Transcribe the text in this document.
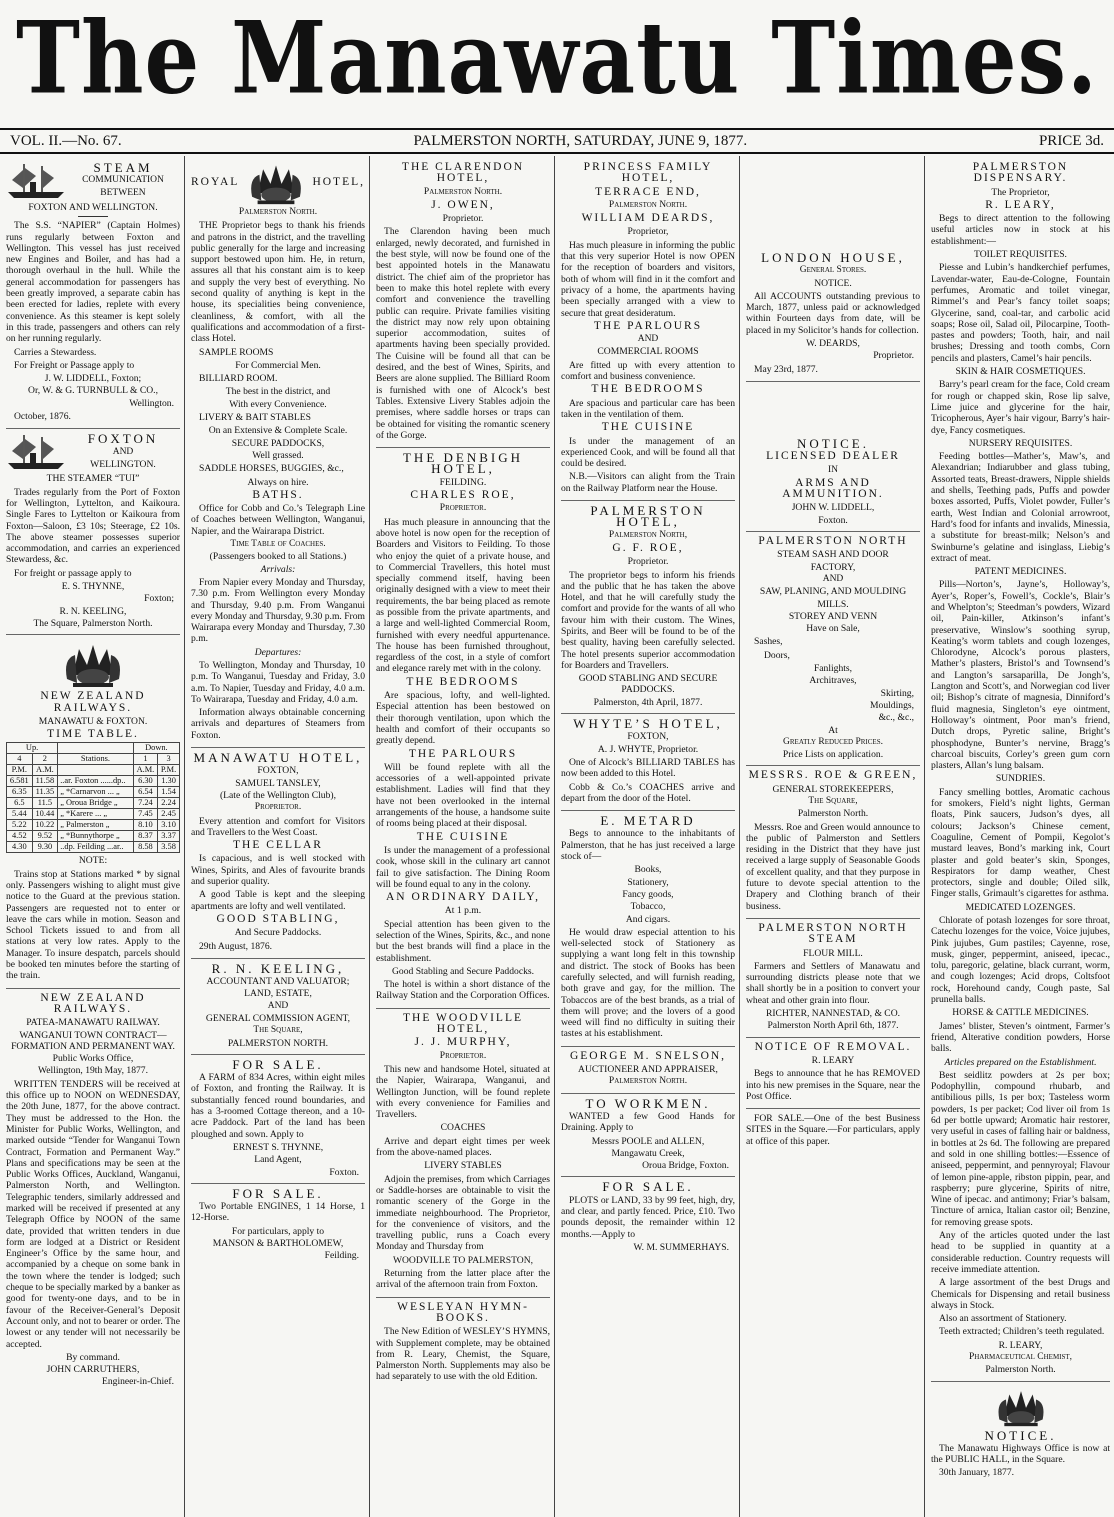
The Manawatu Times.
VOL. II.—No. 67.	PALMERSTON NORTH, SATURDAY, JUNE 9, 1877.	PRICE 3d.
STEAM
COMMUNICATION
BETWEEN
FOXTON AND WELLINGTON.
The S.S. “NAPIER” (Captain Holmes) runs regularly between Foxton and Wellington. This vessel has just received new Engines and Boiler, and has had a thorough overhaul in the hull. While the general accommodation for passengers has been greatly improved, a separate cabin has been erected for ladies, replete with every convenience. As this steamer is kept solely in this trade, passengers and others can rely on her running regularly.
Carries a Stewardess.
For Freight or Passage apply to
J. W. LIDDELL, Foxton;
Or, W. & G. TURNBULL & CO.,
Wellington.
October, 1876.
FOXTON
AND
WELLINGTON.
THE STEAMER “TUI”
Trades regularly from the Port of Foxton for Wellington, Lyttelton, and Kaikoura. Single Fares to Lyttelton or Kaikoura from Foxton—Saloon, £3 10s; Steerage, £2 10s. The above steamer possesses superior accommodation, and carries an experienced Stewardess, &c.
For freight or passage apply to
E. S. THYNNE,
Foxton;
R. N. KEELING,
The Square, Palmerston North.
NEW ZEALAND RAILWAYS.
MANAWATU & FOXTON.
TIME TABLE.
Up.			Down.	
4	2	Stations.	1	3
P.M.	A.M.		A.M.	P.M.
6.581	11.58	..ar. Foxton ......dp..	6.30	1.30
6.35	11.35	„ *Carnarvon ... „	6.54	1.54
6.5	11.5	„ Oroua Bridge „	7.24	2.24
5.44	10.44	„ *Karere ... „	7.45	2.45
5.22	10.22	„ Palmerston „	8.10	3.10
4.52	9.52	„ *Bunnythorpe „	8.37	3.37
4.30	9.30	..dp. Feilding ...ar..	8.58	3.58
NOTE:
Trains stop at Stations marked * by signal only. Passengers wishing to alight must give notice to the Guard at the previous station. Passengers are requested not to enter or leave the cars while in motion. Season and School Tickets issued to and from all stations at very low rates. Apply to the Manager. To insure despatch, parcels should be booked ten minutes before the starting of the train.
NEW ZEALAND RAILWAYS.
PATEA-MANAWATU RAILWAY.
WANGANUI TOWN CONTRACT—FORMATION AND PERMANENT WAY.
Public Works Office,
Wellington, 19th May, 1877.
WRITTEN TENDERS will be received at this office up to NOON on WEDNESDAY, the 20th June, 1877, for the above contract. They must be addressed to the Hon. the Minister for Public Works, Wellington, and marked outside “Tender for Wanganui Town Contract, Formation and Permanent Way.” Plans and specifications may be seen at the Public Works Offices, Auckland, Wanganui, Palmerston North, and Wellington. Telegraphic tenders, similarly addressed and marked will be received if presented at any Telegraph Office by NOON of the same date, provided that written tenders in due form are lodged at a District or Resident Engineer’s Office by the same hour, and accompanied by a cheque on some bank in the town where the tender is lodged; such cheque to be specially marked by a banker as good for twenty-one days, and to be in favour of the Receiver-General’s Deposit Account only, and not to bearer or order. The lowest or any tender will not necessarily be accepted.
By command.
JOHN CARRUTHERS,
Engineer-in-Chief.
ROYAL	HOTEL,
Palmerston North.
THE Proprietor begs to thank his friends and patrons in the district, and the travelling public generally for the large and increasing support bestowed upon him. He, in return, assures all that his constant aim is to keep and supply the very best of everything. No second quality of anything is kept in the house, its specialities being convenience, cleanliness, & comfort, with all the qualifications and accommodation of a first-class Hotel.
SAMPLE ROOMS
For Commercial Men.
BILLIARD ROOM.
The best in the district, and
With every Convenience.
LIVERY & BAIT STABLES
On an Extensive & Complete Scale.
SECURE PADDOCKS,
Well grassed.
SADDLE HORSES, BUGGIES, &c.,
Always on hire.
BATHS.
Office for Cobb and Co.’s Telegraph Line of Coaches between Wellington, Wanganui, Napier, and the Wairarapa District.
Time Table of Coaches.
(Passengers booked to all Stations.)
Arrivals:
From Napier every Monday and Thursday, 7.30 p.m. From Wellington every Monday and Thursday, 9.40 p.m. From Wanganui every Monday and Thursday, 9.30 p.m. From Wairarapa every Monday and Thursday, 7.30 p.m.
Departures:
To Wellington, Monday and Thursday, 10 p.m. To Wanganui, Tuesday and Friday, 3.0 a.m. To Napier, Tuesday and Friday, 4.0 a.m. To Wairarapa, Tuesday and Friday, 4.0 a.m.
Information always obtainable concerning arrivals and departures of Steamers from Foxton.
MANAWATU HOTEL,
FOXTON,
SAMUEL TANSLEY,
(Late of the Wellington Club),
Proprietor.
Every attention and comfort for Visitors and Travellers to the West Coast.
THE CELLAR
Is capacious, and is well stocked with Wines, Spirits, and Ales of favourite brands and superior quality.
A good Table is kept and the sleeping apartments are lofty and well ventilated.
GOOD STABLING,
And Secure Paddocks.
29th August, 1876.
R. N. KEELING,
ACCOUNTANT AND VALUATOR;
LAND, ESTATE,
AND
GENERAL COMMISSION AGENT,
The Square,
PALMERSTON NORTH.
FOR SALE.
A FARM of 834 Acres, within eight miles of Foxton, and fronting the Railway. It is substantially fenced round boundaries, and has a 3-roomed Cottage thereon, and a 10-acre Paddock. Part of the land has been ploughed and sown. Apply to
ERNEST S. THYNNE,
Land Agent,
Foxton.
FOR SALE.
Two Portable ENGINES, 1 14 Horse, 1 12-Horse.
For particulars, apply to
MANSON & BARTHOLOMEW,
Feilding.
THE CLARENDON HOTEL,
Palmerston North.
J. OWEN,
Proprietor.
The Clarendon having been much enlarged, newly decorated, and furnished in the best style, will now be found one of the best appointed hotels in the Manawatu district. The chief aim of the proprietor has been to make this hotel replete with every comfort and convenience the travelling public can require. Private families visiting the district may now rely upon obtaining superior accommodation, suites of apartments having been specially provided. The Cuisine will be found all that can be desired, and the best of Wines, Spirits, and Beers are alone supplied. The Billiard Room is furnished with one of Alcock’s best Tables. Extensive Livery Stables adjoin the premises, where saddle horses or traps can be obtained for visiting the romantic scenery of the Gorge.
THE DENBIGH HOTEL,
FEILDING.
CHARLES ROE,
Proprietor.
Has much pleasure in announcing that the above hotel is now open for the reception of Boarders and Visitors to Feilding. To those who enjoy the quiet of a private house, and to Commercial Travellers, this hotel must specially commend itself, having been originally designed with a view to meet their requirements, the bar being placed as remote as possible from the private apartments, and a large and well-lighted Commercial Room, furnished with every needful appurtenance. The house has been furnished throughout, regardless of the cost, in a style of comfort and elegance rarely met with in the colony.
THE BEDROOMS
Are spacious, lofty, and well-lighted. Especial attention has been bestowed on their thorough ventilation, upon which the health and comfort of their occupants so greatly depend.
THE PARLOURS
Will be found replete with all the accessories of a well-appointed private establishment. Ladies will find that they have not been overlooked in the internal arrangements of the house, a handsome suite of rooms being placed at their disposal.
THE CUISINE
Is under the management of a professional cook, whose skill in the culinary art cannot fail to give satisfaction. The Dining Room will be found equal to any in the colony.
AN ORDINARY DAILY,
At 1 p.m.
Special attention has been given to the selection of the Wines, Spirits, &c., and none but the best brands will find a place in the establishment.
Good Stabling and Secure Paddocks.
The hotel is within a short distance of the Railway Station and the Corporation Offices.
THE WOODVILLE HOTEL,
J. J. MURPHY,
Proprietor.
This new and handsome Hotel, situated at the Napier, Wairarapa, Wanganui, and Wellington Junction, will be found replete with every convenience for Families and Travellers.
COACHES
Arrive and depart eight times per week from the above-named places.
LIVERY STABLES
Adjoin the premises, from which Carriages or Saddle-horses are obtainable to visit the romantic scenery of the Gorge in the immediate neighbourhood. The Proprietor, for the convenience of visitors, and the travelling public, runs a Coach every Monday and Thursday from
WOODVILLE TO PALMERSTON,
Returning from the latter place after the arrival of the afternoon train from Foxton.
WESLEYAN HYMN-BOOKS.
The New Edition of WESLEY’S HYMNS, with Supplement complete, may be obtained from R. Leary, Chemist, the Square, Palmerston North. Supplements may also be had separately to use with the old Edition.
PRINCESS FAMILY HOTEL,
TERRACE END,
Palmerston North.
WILLIAM DEARDS,
Proprietor,
Has much pleasure in informing the public that this very superior Hotel is now OPEN for the reception of boarders and visitors, both of whom will find in it the comfort and privacy of a home, the apartments having been specially arranged with a view to secure that great desideratum.
THE PARLOURS
AND
COMMERCIAL ROOMS
Are fitted up with every attention to comfort and business convenience.
THE BEDROOMS
Are spacious and particular care has been taken in the ventilation of them.
THE CUISINE
Is under the management of an experienced Cook, and will be found all that could be desired.
N.B.—Visitors can alight from the Train on the Railway Platform near the House.
PALMERSTON HOTEL,
Palmerston North,
G. F. ROE,
Proprietor.
The proprietor begs to inform his friends and the public that he has taken the above Hotel, and that he will carefully study the comfort and provide for the wants of all who favour him with their custom. The Wines, Spirits, and Beer will be found to be of the best quality, having been carefully selected. The hotel presents superior accommodation for Boarders and Travellers.
GOOD STABLING AND SECURE PADDOCKS.
Palmerston, 4th April, 1877.
WHYTE’S HOTEL,
FOXTON,
A. J. WHYTE, Proprietor.
One of Alcock’s BILLIARD TABLES has now been added to this Hotel.
Cobb & Co.’s COACHES arrive and depart from the door of the Hotel.
E. METARD
Begs to announce to the inhabitants of Palmerston, that he has just received a large stock of—
Books,
Stationery,
Fancy goods,
Tobacco,
And cigars.
He would draw especial attention to his well-selected stock of Stationery as supplying a want long felt in this township and district. The stock of Books has been carefully selected, and will furnish reading, both grave and gay, for the million. The Tobaccos are of the best brands, as a trial of them will prove; and the lovers of a good weed will find no difficulty in suiting their tastes at his establishment.
GEORGE M. SNELSON,
AUCTIONEER AND APPRAISER,
Palmerston North.
TO WORKMEN.
WANTED a few Good Hands for Draining. Apply to
Messrs POOLE and ALLEN,
Mangawatu Creek,
Oroua Bridge, Foxton.
FOR SALE.
PLOTS or LAND, 33 by 99 feet, high, dry, and clear, and partly fenced. Price, £10. Two pounds deposit, the remainder within 12 months.—Apply to
W. M. SUMMERHAYS.
LONDON HOUSE,
General Stores.
NOTICE.
All ACCOUNTS outstanding previous to March, 1877, unless paid or acknowledged within Fourteen days from date, will be placed in my Solicitor’s hands for collection.
W. DEARDS,
Proprietor.
May 23rd, 1877.
NOTICE.
LICENSED DEALER
IN
ARMS AND AMMUNITION.
JOHN W. LIDDELL,
Foxton.
PALMERSTON NORTH
STEAM SASH AND DOOR
FACTORY,
AND
SAW, PLANING, AND MOULDING
MILLS.
STOREY AND VENN
Have on Sale,
Sashes,
Doors,
Fanlights,
Architraves,
Skirting,
Mouldings,
&c., &c.,
At
Greatly Reduced Prices.
Price Lists on application.
MESSRS. ROE & GREEN,
GENERAL STOREKEEPERS,
The Square,
Palmerston North.
Messrs. Roe and Green would announce to the public of Palmerston and Settlers residing in the District that they have just received a large supply of Seasonable Goods of excellent quality, and that they purpose in future to devote special attention to the Drapery and Clothing branch of their business.
PALMERSTON NORTH STEAM
FLOUR MILL.
Farmers and Settlers of Manawatu and surrounding districts please note that we shall shortly be in a position to convert your wheat and other grain into flour.
RICHTER, NANNESTAD, & CO.
Palmerston North April 6th, 1877.
NOTICE OF REMOVAL.
R. LEARY
Begs to announce that he has REMOVED into his new premises in the Square, near the Post Office.
FOR SALE.—One of the best Business SITES in the Square.—For particulars, apply at office of this paper.
PALMERSTON DISPENSARY.
The Proprietor,
R. LEARY,
Begs to direct attention to the following useful articles now in stock at his establishment:—
TOILET REQUISITES.
Piesse and Lubin’s handkerchief perfumes, Lavendar-water, Eau-de-Cologne, Fountain perfumes, Aromatic and toilet vinegar, Rimmel’s and Pear’s fancy toilet soaps; Glycerine, sand, coal-tar, and carbolic acid soaps; Rose oil, Salad oil, Pilocarpine, Tooth-pastes and powders; Tooth, hair, and nail brushes; Dressing and tooth combs, Corn pencils and plasters, Camel’s hair pencils.
SKIN & HAIR COSMETIQUES.
Barry’s pearl cream for the face, Cold cream for rough or chapped skin, Rose lip salve, Lime juice and glycerine for the hair, Tricopherous, Ayer’s hair vigour, Barry’s hair-dye, Fancy cosmetiques.
NURSERY REQUISITES.
Feeding bottles—Mather’s, Maw’s, and Alexandrian; Indiarubber and glass tubing, Assorted teats, Breast-drawers, Nipple shields and shells, Teething pads, Puffs and powder boxes assorted, Puffs, Violet powder, Fuller’s earth, West Indian and Colonial arrowroot, Hard’s food for infants and invalids, Minessia, a substitute for breast-milk; Nelson’s and Swinburne’s gelatine and isinglass, Liebig’s extract of meat.
PATENT MEDICINES.
Pills—Norton’s, Jayne’s, Holloway’s, Ayer’s, Roper’s, Fowell’s, Cockle’s, Blair’s and Whelpton’s; Steedman’s powders, Wizard oil, Pain-killer, Atkinson’s infant’s preservative, Winslow’s soothing syrup, Keating’s worm tablets and cough lozenges, Chlorodyne, Alcock’s porous plasters, Mather’s plasters, Bristol’s and Townsend’s and Langton’s sarsaparilla, De Jongh’s, Langton and Scott’s, and Norwegian cod liver oil; Bishop’s citrate of magnesia, Dinniford’s fluid magnesia, Singleton’s eye ointment, Holloway’s ointment, Poor man’s friend, Dutch drops, Pyretic saline, Bright’s phosphodyne, Bunter’s nervine, Bragg’s charcoal biscuits, Corley’s green gum corn plasters, Allan’s lung balsam.
SUNDRIES.
Fancy smelling bottles, Aromatic cachous for smokers, Field’s night lights, German floats, Pink saucers, Judson’s dyes, all colours; Jackson’s Chinese cement, Coaguline, Cement of Pompii, Kegolot’s mustard leaves, Bond’s marking ink, Court plaster and gold beater’s skin, Sponges, Respirators for damp weather, Chest protectors, single and double; Oiled silk, Finger stalls, Grimault’s cigarettes for asthma.
MEDICATED LOZENGES.
Chlorate of potash lozenges for sore throat, Catechu lozenges for the voice, Voice jujubes, Pink jujubes, Gum pastiles; Cayenne, rose, musk, ginger, peppermint, aniseed, ipecac., tolu, paregoric, gelatine, black currant, worm, and cough lozenges; Acid drops, Coltsfoot rock, Horehound candy, Cough paste, Sal prunella balls.
HORSE & CATTLE MEDICINES.
James’ blister, Steven’s ointment, Farmer’s friend, Alterative condition powders, Horse balls.
Articles prepared on the Establishment.
Best seidlitz powders at 2s per box; Podophyllin, compound rhubarb, and antibilious pills, 1s per box; Tasteless worm powders, 1s per packet; Cod liver oil from 1s 6d per bottle upward; Aromatic hair restorer, very useful in cases of falling hair or baldness, in bottles at 2s 6d. The following are prepared and sold in one shilling bottles:—Essence of aniseed, peppermint, and pennyroyal; Flavour of lemon pine-apple, ribston pippin, pear, and raspberry; pure glycerine, Spirits of nitre, Wine of ipecac. and antimony; Friar’s balsam, Tincture of arnica, Italian castor oil; Benzine, for removing grease spots.
Any of the articles quoted under the last head to be supplied in quantity at a considerable reduction. Country requests will receive immediate attention.
A large assortment of the best Drugs and Chemicals for Dispensing and retail business always in Stock.
Also an assortment of Stationery.
Teeth extracted; Children’s teeth regulated.
R. LEARY,
Pharmaceutical Chemist,
Palmerston North.
NOTICE.
The Manawatu Highways Office is now at the PUBLIC HALL, in the Square.
30th January, 1877.
